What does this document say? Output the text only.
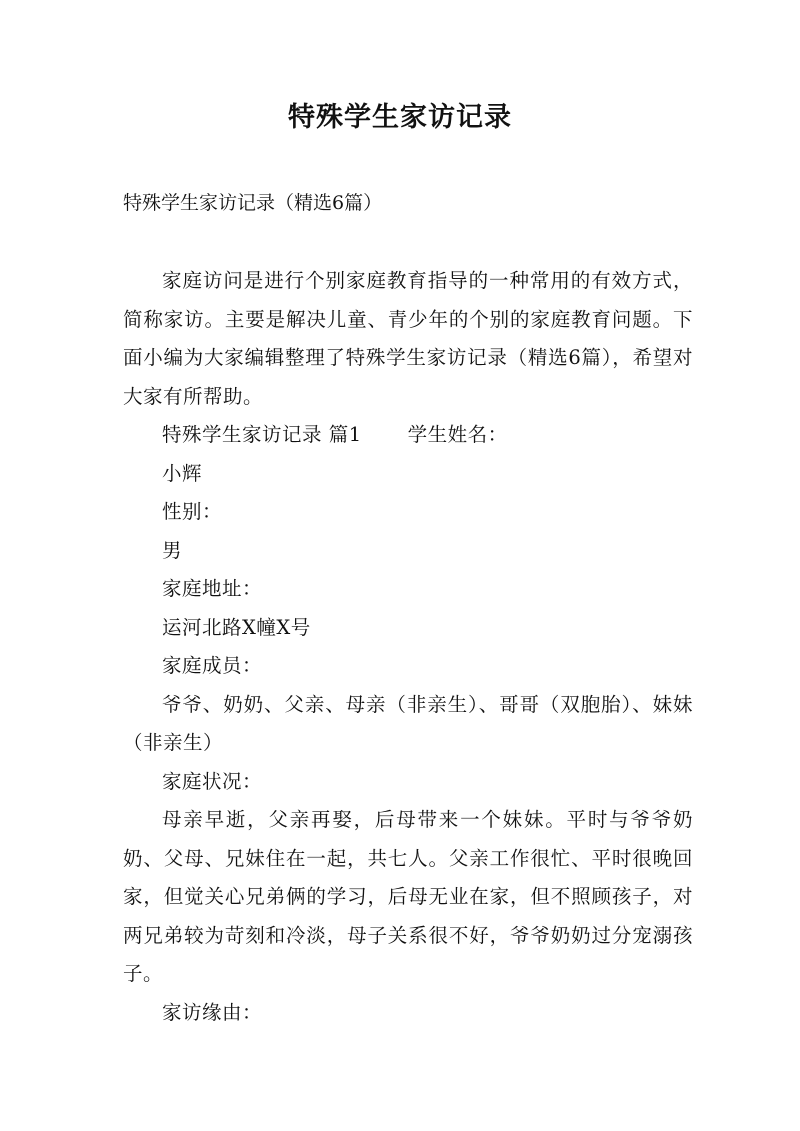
特殊学生家访记录
特殊学生家访记录（精选6篇）

家庭访问是进行个别家庭教育指导的一种常用的有效方式，简称家访。主要是解决儿童、青少年的个别的家庭教育问题。下面小编为大家编辑整理了特殊学生家访记录（精选6篇），希望对大家有所帮助。

特殊学生家访记录 篇1 学生姓名：

小辉

性别：

男

家庭地址：

运河北路X幢X号

家庭成员：

爷爷、奶奶、父亲、母亲（非亲生）、哥哥（双胞胎）、妹妹（非亲生）

家庭状况：

母亲早逝，父亲再娶，后母带来一个妹妹。平时与爷爷奶奶、父母、兄妹住在一起，共七人。父亲工作很忙、平时很晚回家，但觉关心兄弟俩的学习，后母无业在家，但不照顾孩子，对两兄弟较为苛刻和冷淡，母子关系很不好，爷爷奶奶过分宠溺孩子。

家访缘由：
